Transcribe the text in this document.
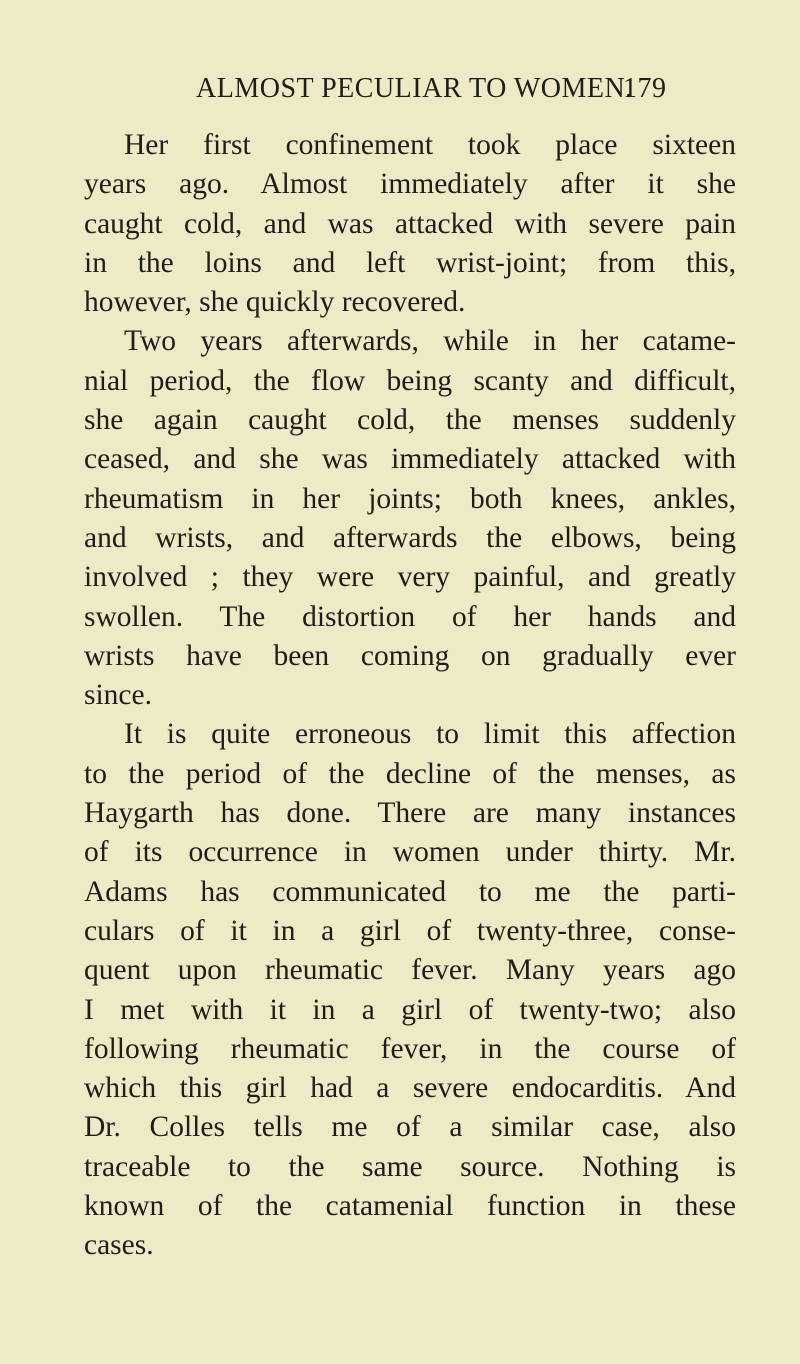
ALMOST PECULIAR TO WOMEN.
179

Her first confinement took place sixteen
years ago. Almost immediately after it she
caught cold, and was attacked with severe pain
in the loins and left wrist-joint; from this,
however, she quickly recovered.

Two years afterwards, while in her catame-
nial period, the flow being scanty and difficult,
she again caught cold, the menses suddenly
ceased, and she was immediately attacked with
rheumatism in her joints; both knees, ankles,
and wrists, and afterwards the elbows, being
involved ; they were very painful, and greatly
swollen. The distortion of her hands and
wrists have been coming on gradually ever
since.

It is quite erroneous to limit this affection
to the period of the decline of the menses, as
Haygarth has done. There are many instances
of its occurrence in women under thirty. Mr.
Adams has communicated to me the parti-
culars of it in a girl of twenty-three, conse-
quent upon rheumatic fever. Many years ago
I met with it in a girl of twenty-two; also
following rheumatic fever, in the course of
which this girl had a severe endocarditis. And
Dr. Colles tells me of a similar case, also
traceable to the same source. Nothing is
known of the catamenial function in these
cases.
